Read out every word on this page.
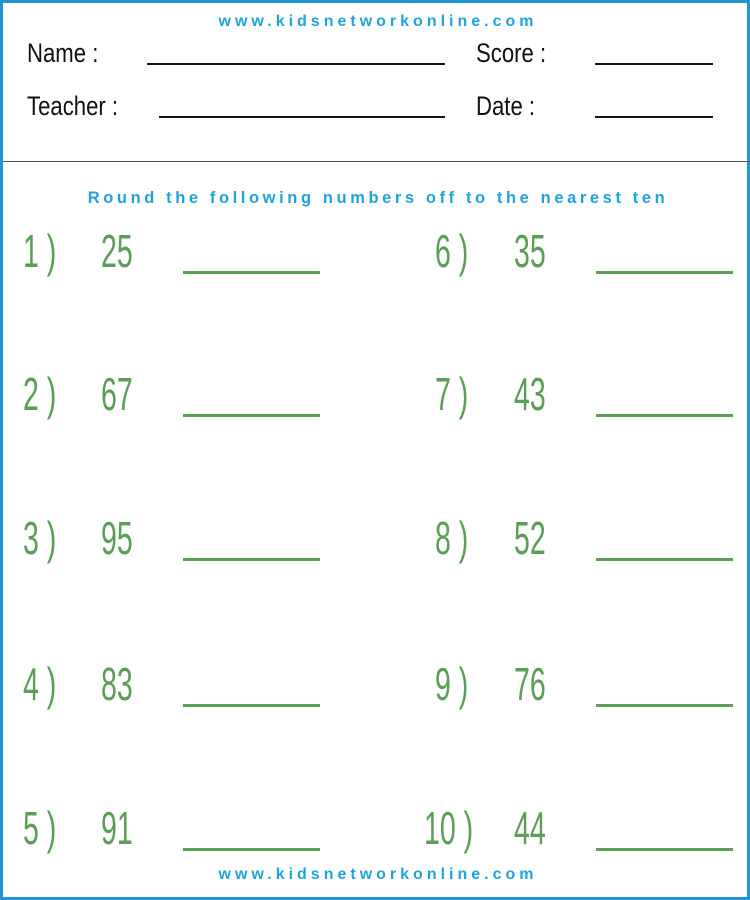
www.kidsnetworkonline.com
Name :	Score :
Teacher :	Date :
Round the following numbers off to the nearest ten
1 ) 25
2 ) 67
3 ) 95
4 ) 83
5 ) 91
6 ) 35
7 ) 43
8 ) 52
9 ) 76
10 ) 44
www.kidsnetworkonline.com
